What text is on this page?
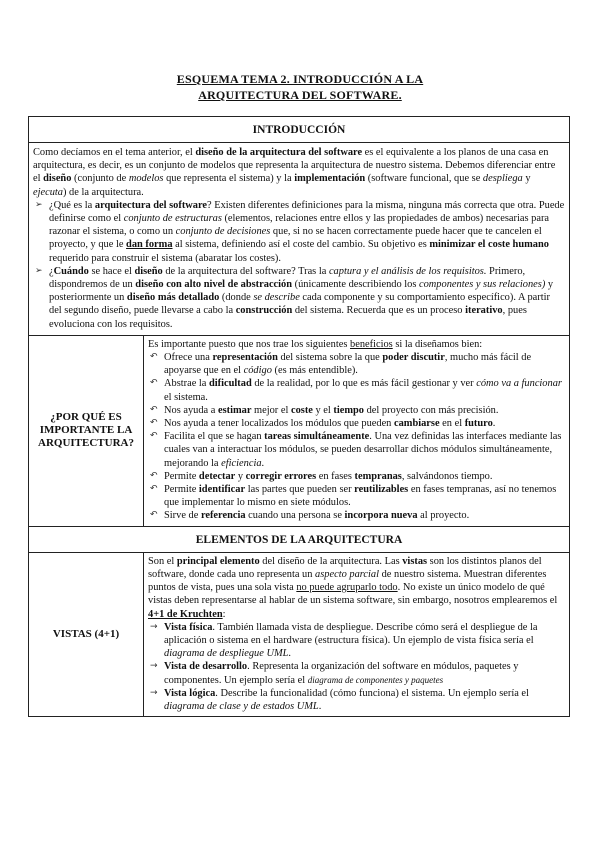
ESQUEMA TEMA 2. INTRODUCCIÓN A LA
ARQUITECTURA DEL SOFTWARE.
INTRODUCCIÓN

Como decíamos en el tema anterior, el diseño de la arquitectura del software es el equivalente a los planos de una casa en arquitectura, es decir, es un conjunto de modelos que representa la arquitectura de nuestro sistema. Debemos diferenciar entre el diseño (conjunto de modelos que representa el sistema) y la implementación (software funcional, que se despliega y ejecuta) de la arquitectura.

➢ ¿Qué es la arquitectura del software? Existen diferentes definiciones para la misma, ninguna más correcta que otra. Puede definirse como el conjunto de estructuras (elementos, relaciones entre ellos y las propiedades de ambos) necesarias para razonar el sistema, o como un conjunto de decisiones que, si no se hacen correctamente puede hacer que te cancelen el proyecto, y que le dan forma al sistema, definiendo así el coste del cambio. Su objetivo es minimizar el coste humano requerido para construir el sistema (abaratar los costes).
➢ ¿Cuándo se hace el diseño de la arquitectura del software? Tras la captura y el análisis de los requisitos. Primero, dispondremos de un diseño con alto nivel de abstracción (únicamente describiendo los componentes y sus relaciones) y posteriormente un diseño más detallado (donde se describe cada componente y su comportamiento específico). A partir del segundo diseño, puede llevarse a cabo la construcción del sistema. Recuerda que es un proceso iterativo, pues evoluciona con los requisitos.
¿POR QUÉ ES IMPORTANTE LA ARQUITECTURA?

Es importante puesto que nos trae los siguientes beneficios si la diseñamos bien:

↶ Ofrece una representación del sistema sobre la que poder discutir, mucho más fácil de apoyarse que en el código (es más entendible).
↶ Abstrae la dificultad de la realidad, por lo que es más fácil gestionar y ver cómo va a funcionar el sistema.
↶ Nos ayuda a estimar mejor el coste y el tiempo del proyecto con más precisión.
↶ Nos ayuda a tener localizados los módulos que pueden cambiarse en el futuro.
↶ Facilita el que se hagan tareas simultáneamente. Una vez definidas las interfaces mediante las cuales van a interactuar los módulos, se pueden desarrollar dichos módulos simultáneamente, mejorando la eficiencia.
↶ Permite detectar y corregir errores en fases tempranas, salvándonos tiempo.
↶ Permite identificar las partes que pueden ser reutilizables en fases tempranas, así no tenemos que implementar lo mismo en siete módulos.
↶ Sirve de referencia cuando una persona se incorpora nueva al proyecto.
ELEMENTOS DE LA ARQUITECTURA
VISTAS (4+1)

Son el principal elemento del diseño de la arquitectura. Las vistas son los distintos planos del software, donde cada uno representa un aspecto parcial de nuestro sistema. Muestran diferentes puntos de vista, pues una sola vista no puede agruparlo todo. No existe un único modelo de qué vistas deben representarse al hablar de un sistema software, sin embargo, nosotros emplearemos el 4+1 de Kruchten:

→ Vista física. También llamada vista de despliegue. Describe cómo será el despliegue de la aplicación o sistema en el hardware (estructura física). Un ejemplo de vista física sería el diagrama de despliegue UML.
→ Vista de desarrollo. Representa la organización del software en módulos, paquetes y componentes. Un ejemplo sería el diagrama de componentes y paquetes
→ Vista lógica. Describe la funcionalidad (cómo funciona) el sistema. Un ejemplo sería el diagrama de clase y de estados UML.
